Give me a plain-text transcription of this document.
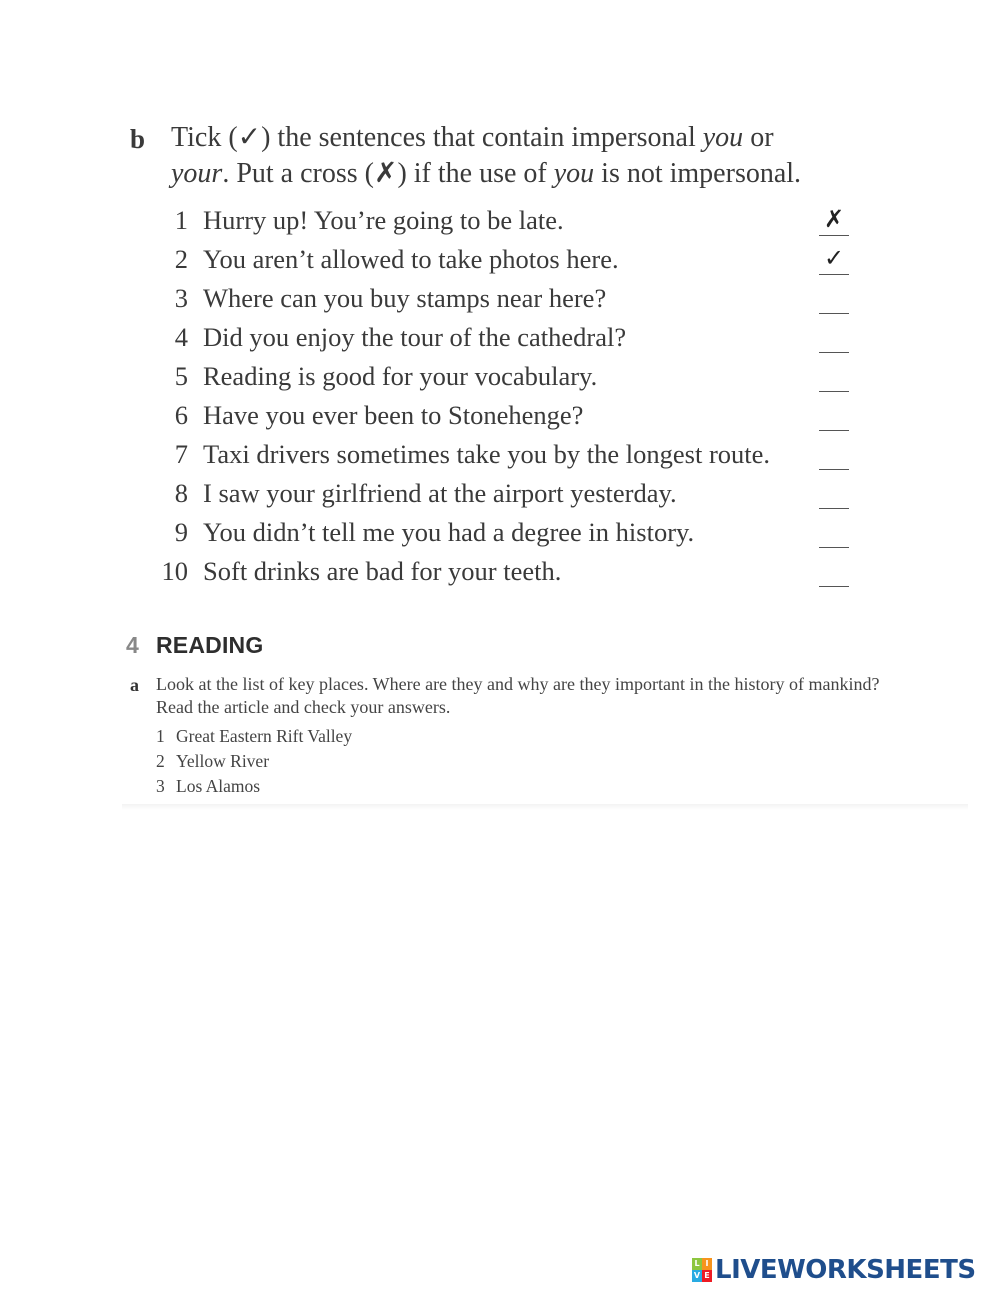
b Tick (✓) the sentences that contain impersonal you or
your. Put a cross (✗) if the use of you is not impersonal.
1 Hurry up! You’re going to be late.	✗
2 You aren’t allowed to take photos here.	✓
3 Where can you buy stamps near here?
4 Did you enjoy the tour of the cathedral?
5 Reading is good for your vocabulary.
6 Have you ever been to Stonehenge?
7 Taxi drivers sometimes take you by the longest route.
8 I saw your girlfriend at the airport yesterday.
9 You didn’t tell me you had a degree in history.
10 Soft drinks are bad for your teeth.
4 READING
a Look at the list of key places. Where are they and why are they important in the history of mankind?
Read the article and check your answers.
1 Great Eastern Rift Valley
2 Yellow River
3 Los Alamos
L I
V E LIVEWORKSHEETS
